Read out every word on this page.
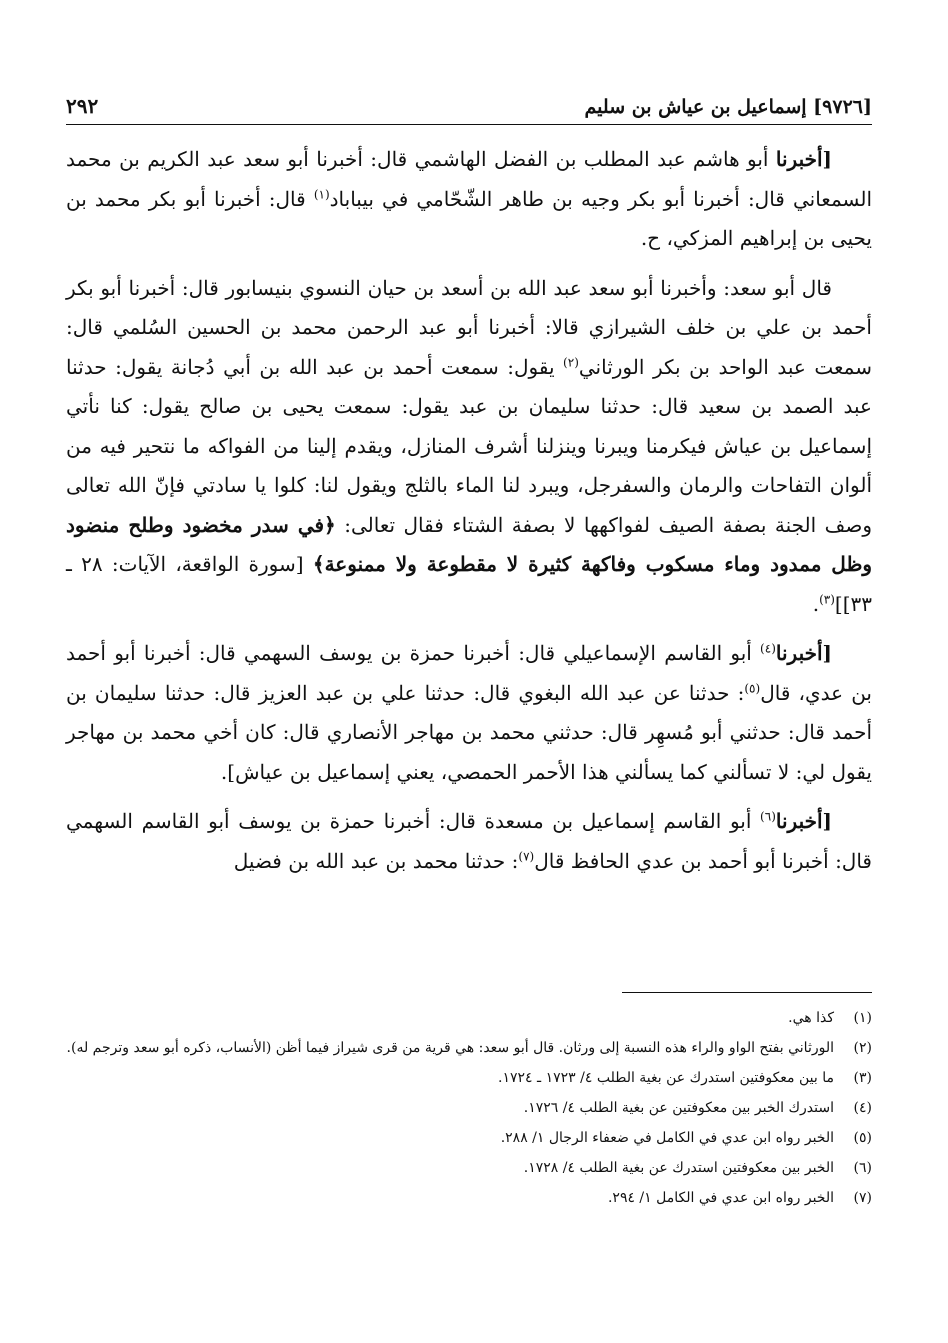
[٩٧٢٦] إسماعيل بن عياش بن سليم
٢٩٢

[أخبرنا أبو هاشم عبد المطلب بن الفضل الهاشمي قال: أخبرنا أبو سعد عبد الكريم بن محمد السمعاني قال: أخبرنا أبو بكر وجيه بن طاهر الشّحّامي في بيباباد$^{(١)}$ قال: أخبرنا أبو بكر محمد بن يحيى بن إبراهيم المزكي، ح.

قال أبو سعد: وأخبرنا أبو سعد عبد الله بن أسعد بن حيان النسوي بنيسابور قال: أخبرنا أبو بكر أحمد بن علي بن خلف الشيرازي قالا: أخبرنا أبو عبد الرحمن محمد بن الحسين السُلمي قال: سمعت عبد الواحد بن بكر الورثاني$^{(٢)}$ يقول: سمعت أحمد بن عبد الله بن أبي دُجانة يقول: حدثنا عبد الصمد بن سعيد قال: حدثنا سليمان بن عبد يقول: سمعت يحيى بن صالح يقول: كنا نأتي إسماعيل بن عياش فيكرمنا ويبرنا وينزلنا أشرف المنازل، ويقدم إلينا من الفواكه ما نتحير فيه من ألوان التفاحات والرمان والسفرجل، ويبرد لنا الماء بالثلج ويقول لنا: كلوا يا سادتي فإنّ الله تعالى وصف الجنة بصفة الصيف لفواكهها لا بصفة الشتاء فقال تعالى: ﴿في سدر مخضود وطلح منضود وظل ممدود وماء مسكوب وفاكهة كثيرة لا مقطوعة ولا ممنوعة﴾ [سورة الواقعة، الآيات: ٢٨ ـ ٣٣]]$^{(٣)}$.

[أخبرنا$^{(٤)}$ أبو القاسم الإسماعيلي قال: أخبرنا حمزة بن يوسف السهمي قال: أخبرنا أبو أحمد بن عدي، قال$^{(٥)}$: حدثنا عن عبد الله البغوي قال: حدثنا علي بن عبد العزيز قال: حدثنا سليمان بن أحمد قال: حدثني أبو مُسهِر قال: حدثني محمد بن مهاجر الأنصاري قال: كان أخي محمد بن مهاجر يقول لي: لا تسألني كما يسألني هذا الأحمر الحمصي، يعني إسماعيل بن عياش].

[أخبرنا$^{(٦)}$ أبو القاسم إسماعيل بن مسعدة قال: أخبرنا حمزة بن يوسف أبو القاسم السهمي قال: أخبرنا أبو أحمد بن عدي الحافظ قال$^{(٧)}$: حدثنا محمد بن عبد الله بن فضيل

(١)
كذا هي.
(٢)
الورثاني بفتح الواو والراء هذه النسبة إلى ورثان. قال أبو سعد: هي قرية من قرى شيراز فيما أظن (الأنساب، ذكره أبو سعد وترجم له).
(٣)
ما بين معكوفتين استدرك عن بغية الطلب ٤/ ١٧٢٣ ـ ١٧٢٤.
(٤)
استدرك الخبر بين معكوفتين عن بغية الطلب ٤/ ١٧٢٦.
(٥)
الخبر رواه ابن عدي في الكامل في ضعفاء الرجال ١/ ٢٨٨.
(٦)
الخبر بين معكوفتين استدرك عن بغية الطلب ٤/ ١٧٢٨.
(٧)
الخبر رواه ابن عدي في الكامل ١/ ٢٩٤.
